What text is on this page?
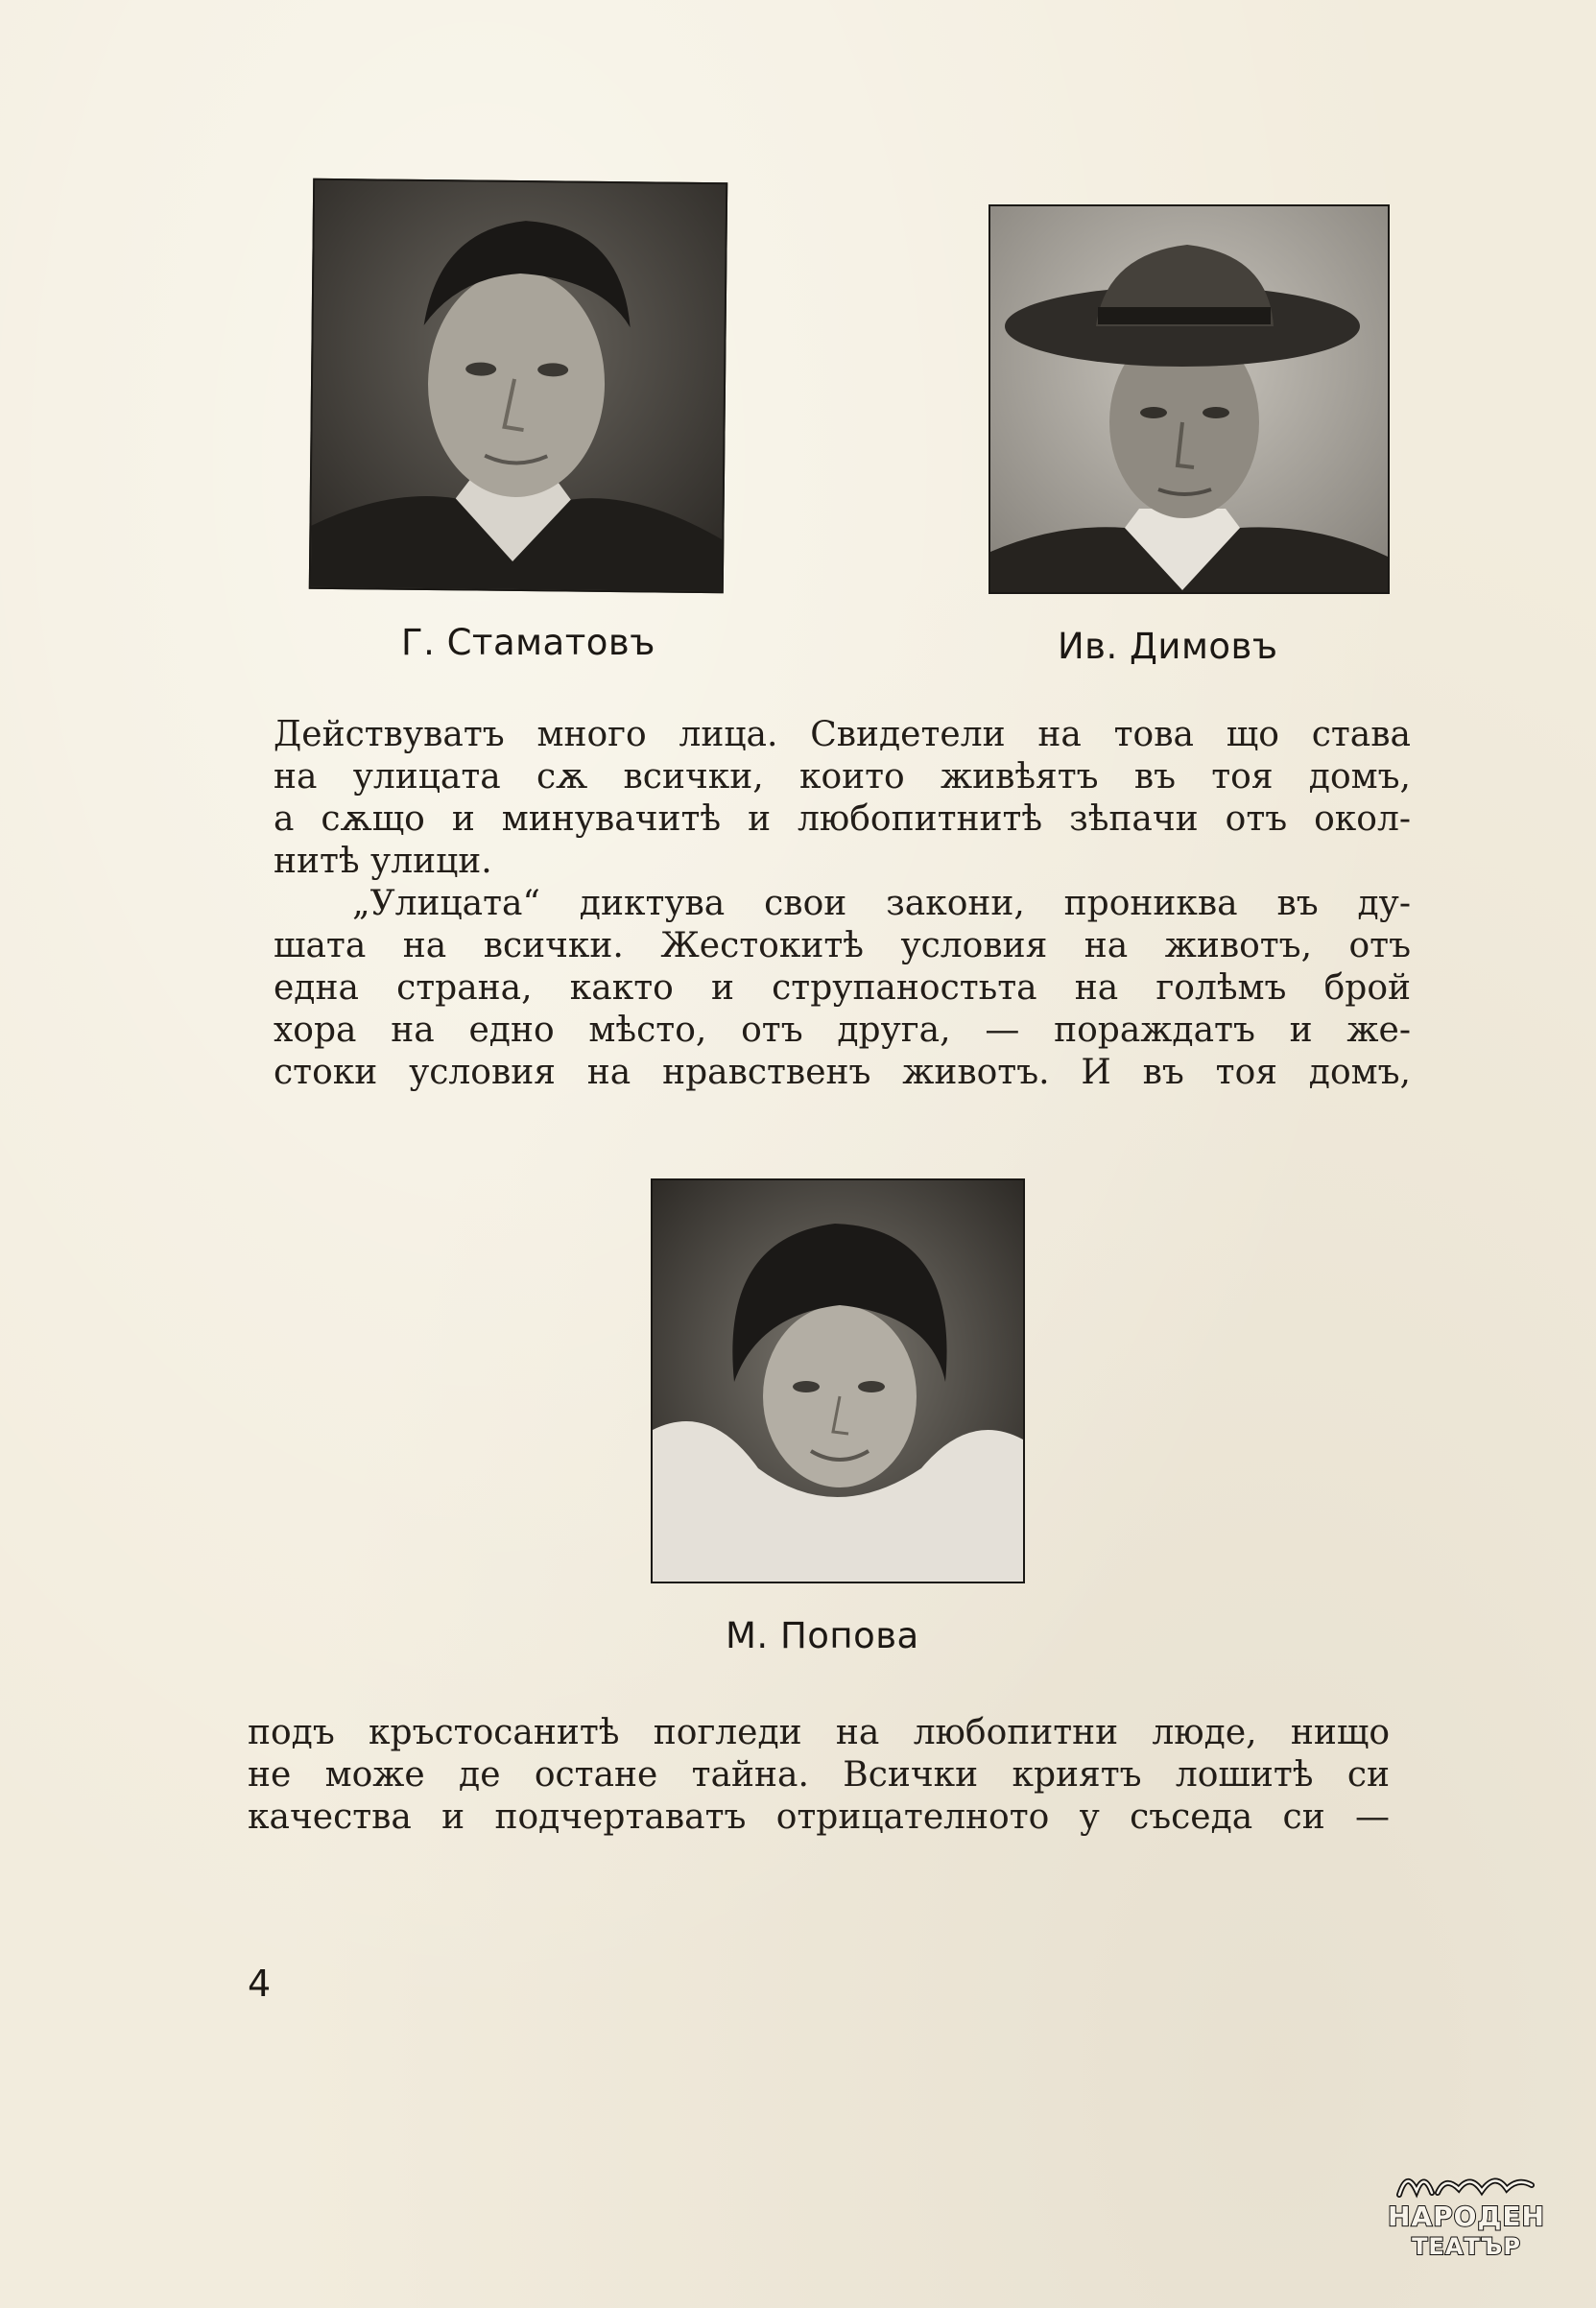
Г. Стаматовъ	Ив. Димовъ
Действуватъ много лица. Свидетели на това що става
на улицата сѫ всички, които живѣятъ въ тоя домъ,
а сѫщо и минувачитѣ и любопитнитѣ зѣпачи отъ окол-
нитѣ улици.
„Улицата“ диктува свои закони, прониква въ ду-
шата на всички. Жестокитѣ условия на животъ, отъ
една страна, както и струпаностьта на голѣмъ брой
хора на едно мѣсто, отъ друга, — пораждатъ и же-
стоки условия на нравственъ животъ. И въ тоя домъ,
М. Попова
подъ кръстосанитѣ погледи на любопитни люде, нищо
не може де остане тайна. Всички криятъ лошитѣ си
качества и подчертаватъ отрицателното у съседа си —
4
НАРОДЕН
ТЕАТЪР
